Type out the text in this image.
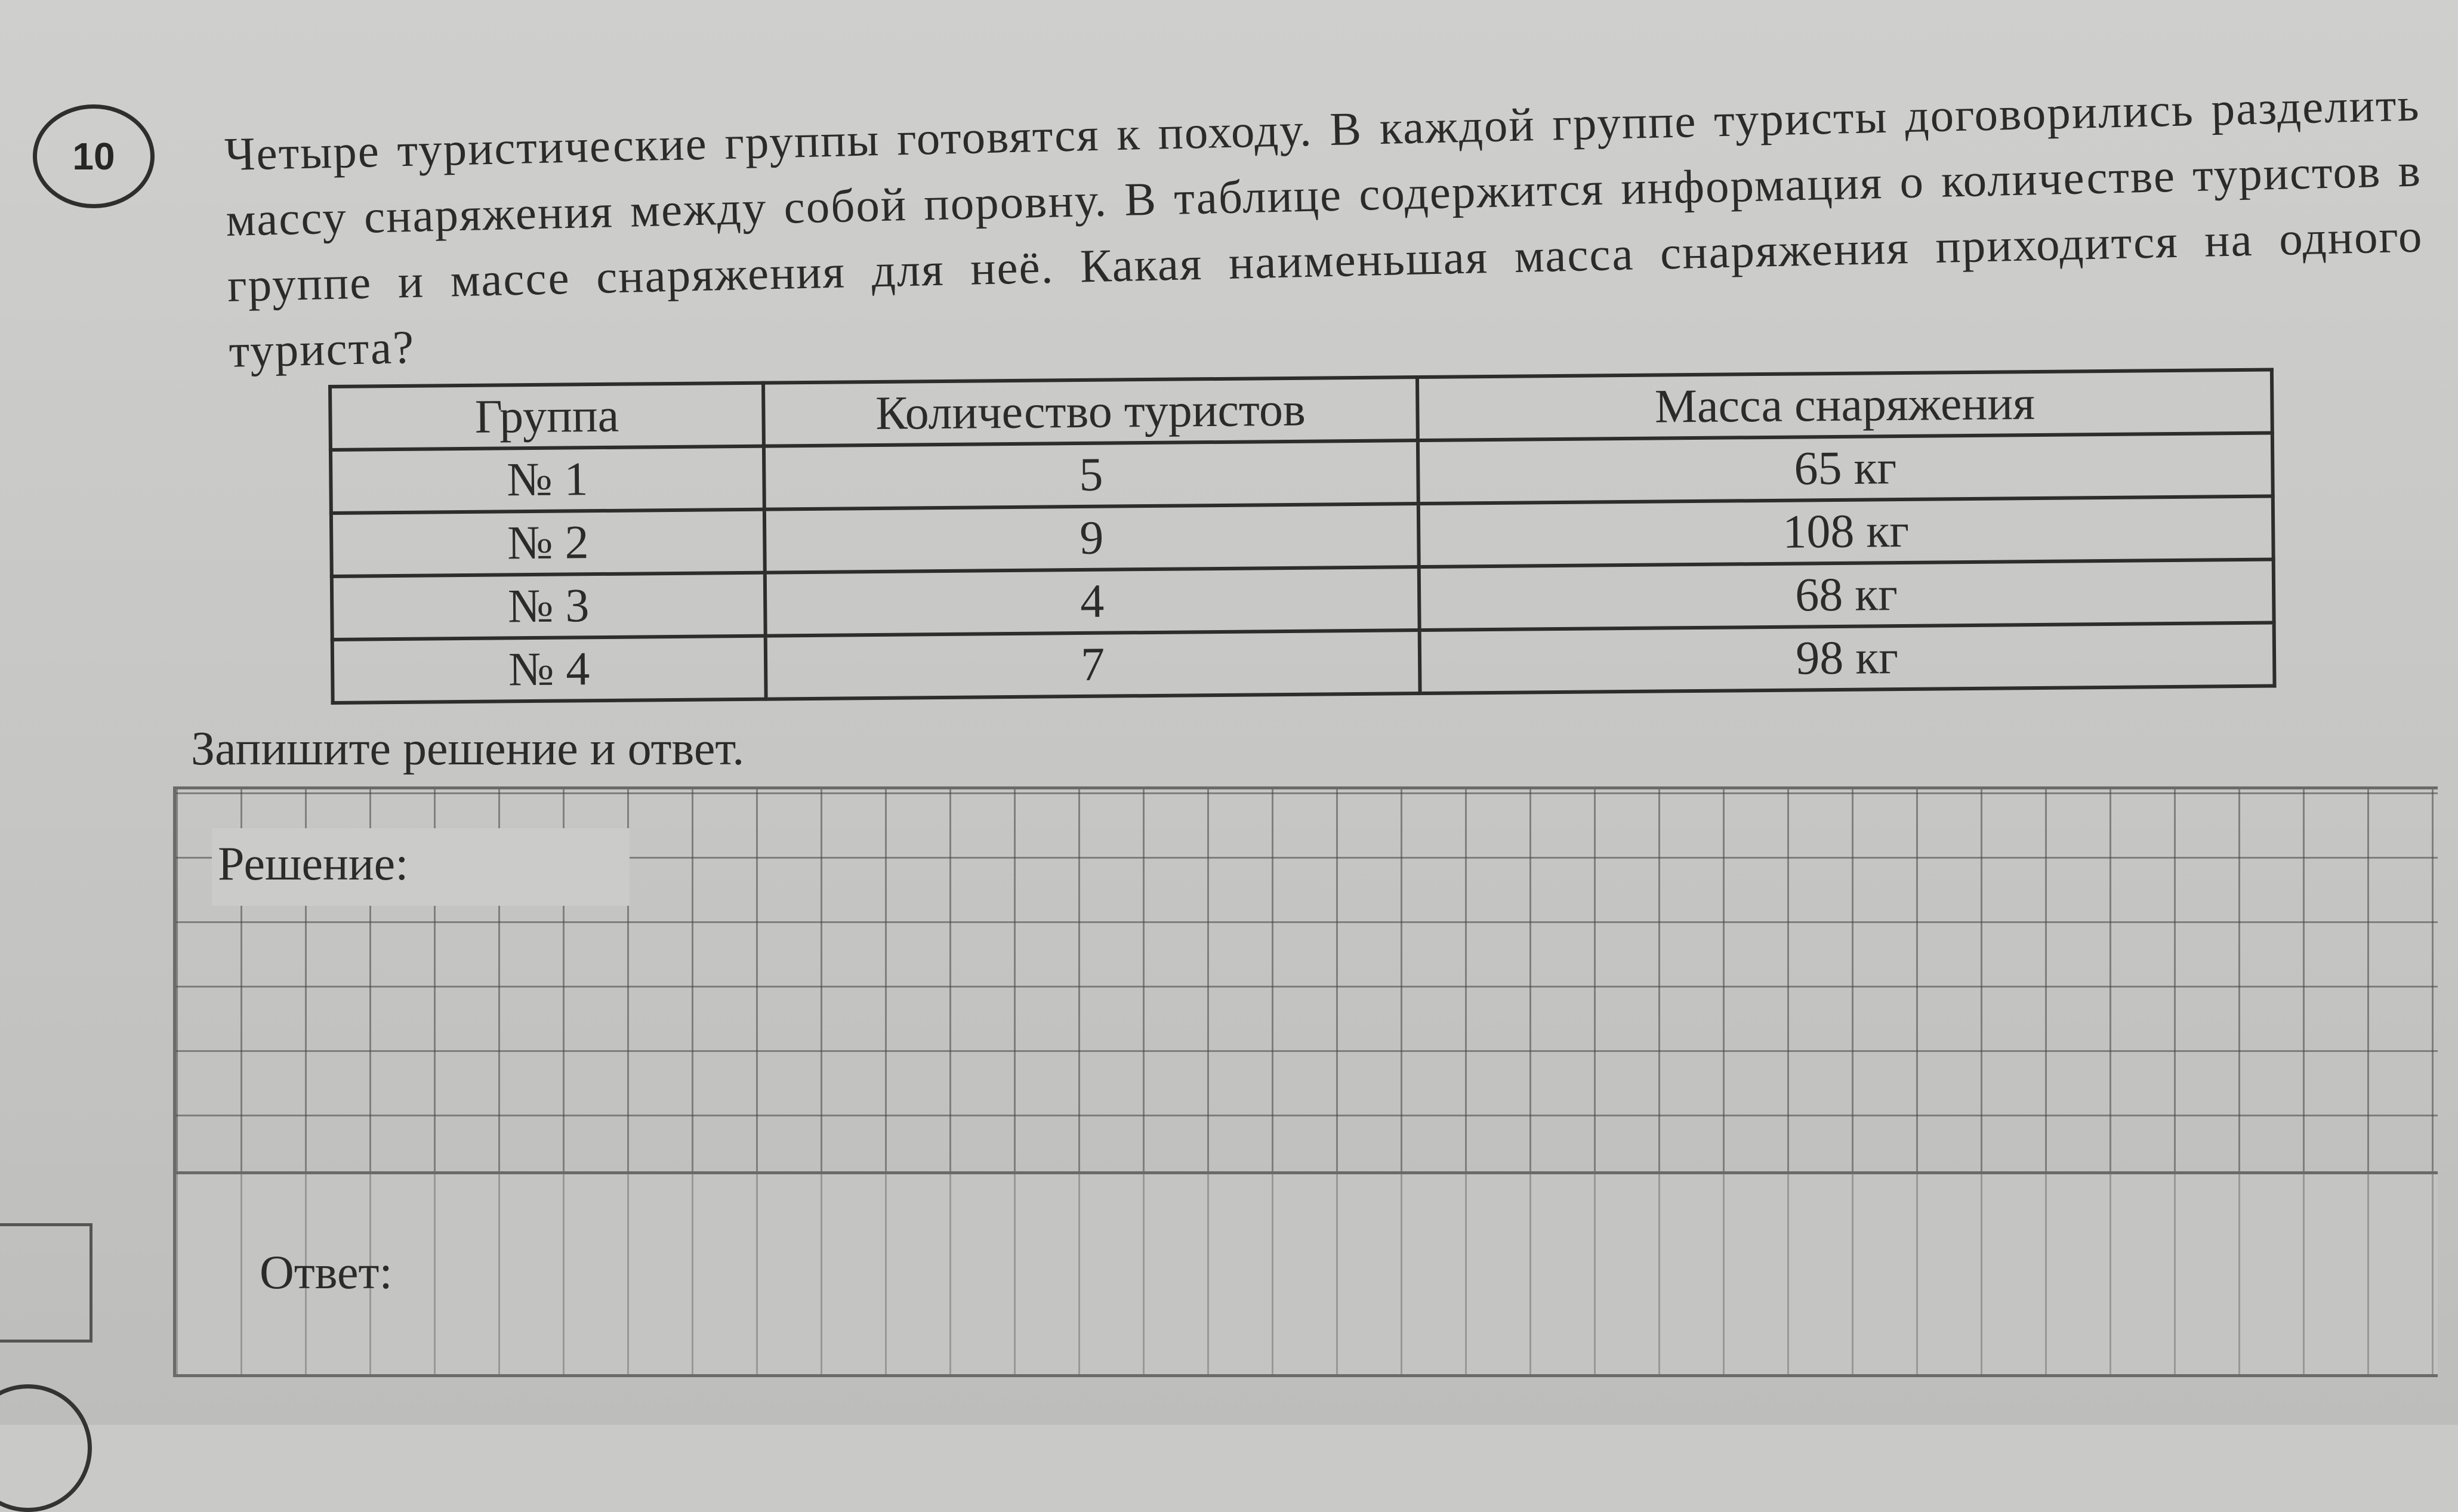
10 Четыре туристические группы готовятся к походу. В каждой группе туристы договорились разделить массу снаряжения между собой поровну. В таблице содержится информация о количестве туристов в группе и массе снаряжения для неё. Какая наименьшая масса снаряжения приходится на одного туриста?

Группа	Количество туристов	Масса снаряжения
№ 1	5	65 кг
№ 2	9	108 кг
№ 3	4	68 кг
№ 4	7	98 кг

Запишите решение и ответ.

Решение:
Ответ:
